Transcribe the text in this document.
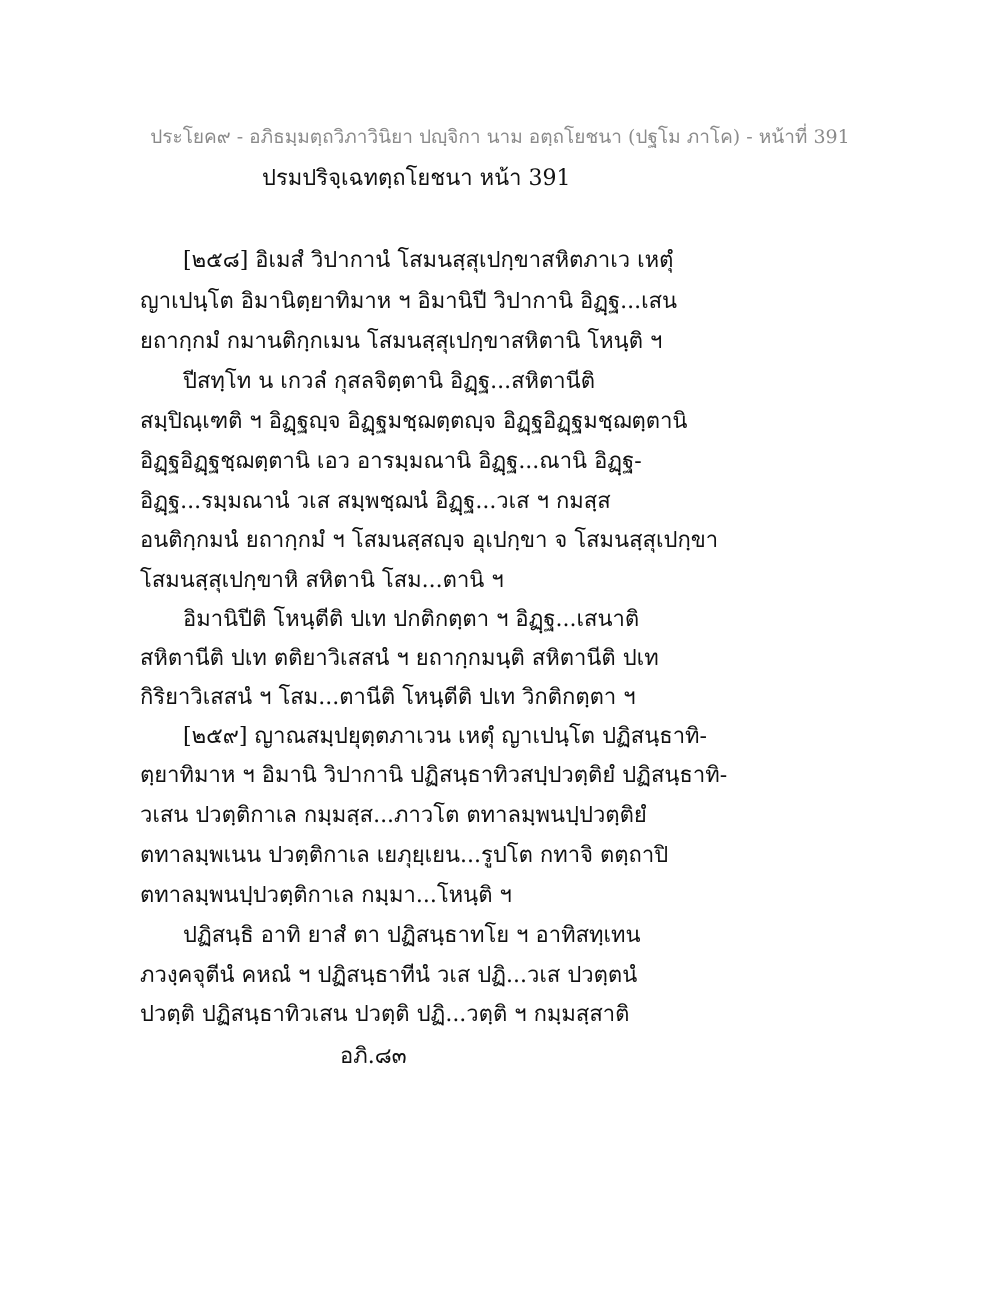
ประโยค๙ - อภิธมฺมตฺถวิภาวินิยา ปญฺจิกา นาม อตฺถโยชนา (ปฐโม ภาโค) - หน้าที่ 391
ปรมปริจฺเฉทตฺถโยชนา หน้า 391
[๒๕๘] อิเมสํ วิปากานํ โสมนสฺสุเปกฺขาสหิตภาเว เหตุํ
ญาเปนฺโต อิมานิตฺยาทิมาห ฯ อิมานิปี วิปากานิ อิฏฺฐ...เสน
ยถากฺกมํ กมานติกฺกเมน โสมนสฺสุเปกฺขาสหิตานิ โหนฺติ ฯ
ปีสทฺโท น เกวลํ กุสลจิตฺตานิ อิฏฺฐ...สหิตานีติ
สมฺปิณฺเฑติ ฯ อิฏฺฐญฺจ อิฏฺฐมชฺฌตฺตญฺจ อิฏฺฐอิฏฺฐมชฺฌตฺตานิ
อิฏฺฐอิฏฺฐชฺฌตฺตานิ เอว อารมฺมณานิ อิฏฺฐ...ณานิ อิฏฺฐ-
อิฏฺฐ...รมฺมณานํ วเส สมฺพชฺฌนํ อิฏฺฐ...วเส ฯ กมสฺส
อนติกฺกมนํ ยถากฺกมํ ฯ โสมนสฺสญฺจ อุเปกฺขา จ โสมนสฺสุเปกฺขา
โสมนสฺสุเปกฺขาหิ สหิตานิ โสม...ตานิ ฯ
อิมานิปีติ โหนฺตีติ ปเท ปกติกตฺตา ฯ อิฏฺฐ...เสนาติ
สหิตานีติ ปเท ตติยาวิเสสนํ ฯ ยถากฺกมนฺติ สหิตานีติ ปเท
กิริยาวิเสสนํ ฯ โสม...ตานีติ โหนฺตีติ ปเท วิกติกตฺตา ฯ
[๒๕๙] ญาณสมฺปยุตฺตภาเวน เหตุํ ญาเปนฺโต ปฏิสนฺธาทิ-
ตฺยาทิมาห ฯ อิมานิ วิปากานิ ปฏิสนฺธาทิวสปฺปวตฺติยํ ปฏิสนฺธาทิ-
วเสน ปวตฺติกาเล กมฺมสฺส...ภาวโต ตทาลมฺพนปฺปวตฺติยํ
ตทาลมฺพเนน ปวตฺติกาเล เยภุยฺเยน...รูปโต กทาจิ ตตฺถาปิ
ตทาลมฺพนปฺปวตฺติกาเล กมฺมา...โหนฺติ ฯ
ปฏิสนฺธิ อาทิ ยาสํ ตา ปฏิสนฺธาทโย ฯ อาทิสทฺเทน
ภวงฺคจุตีนํ คหณํ ฯ ปฏิสนฺธาทีนํ วเส ปฏิ...วเส ปวตฺตนํ
ปวตฺติ ปฏิสนฺธาทิวเสน ปวตฺติ ปฏิ...วตฺติ ฯ กมฺมสฺสาติ
อภิ.๘๓
